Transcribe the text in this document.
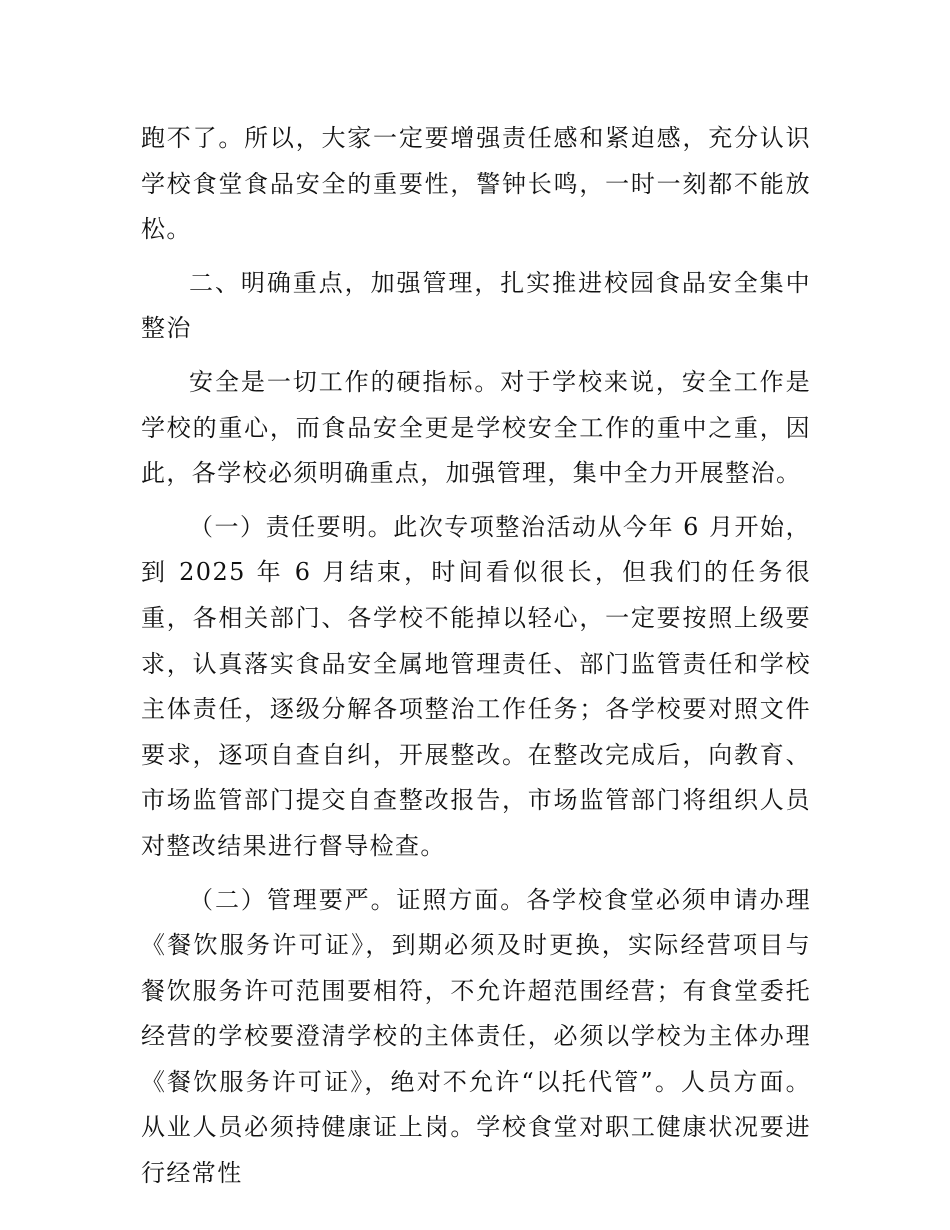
跑不了。所以，大家一定要增强责任感和紧迫感，充分认识学校食堂食品安全的重要性，警钟长鸣，一时一刻都不能放松。

二、明确重点，加强管理，扎实推进校园食品安全集中整治

安全是一切工作的硬指标。对于学校来说，安全工作是学校的重心，而食品安全更是学校安全工作的重中之重，因此，各学校必须明确重点，加强管理，集中全力开展整治。

（一）责任要明。此次专项整治活动从今年 6 月开始，到 2025 年 6 月结束，时间看似很长，但我们的任务很重，各相关部门、各学校不能掉以轻心，一定要按照上级要求，认真落实食品安全属地管理责任、部门监管责任和学校主体责任，逐级分解各项整治工作任务；各学校要对照文件要求，逐项自查自纠，开展整改。在整改完成后，向教育、市场监管部门提交自查整改报告，市场监管部门将组织人员对整改结果进行督导检查。

（二）管理要严。证照方面。各学校食堂必须申请办理《餐饮服务许可证》，到期必须及时更换，实际经营项目与餐饮服务许可范围要相符，不允许超范围经营；有食堂委托经营的学校要澄清学校的主体责任，必须以学校为主体办理《餐饮服务许可证》，绝对不允许“以托代管”。人员方面。从业人员必须持健康证上岗。学校食堂对职工健康状况要进行经常性
